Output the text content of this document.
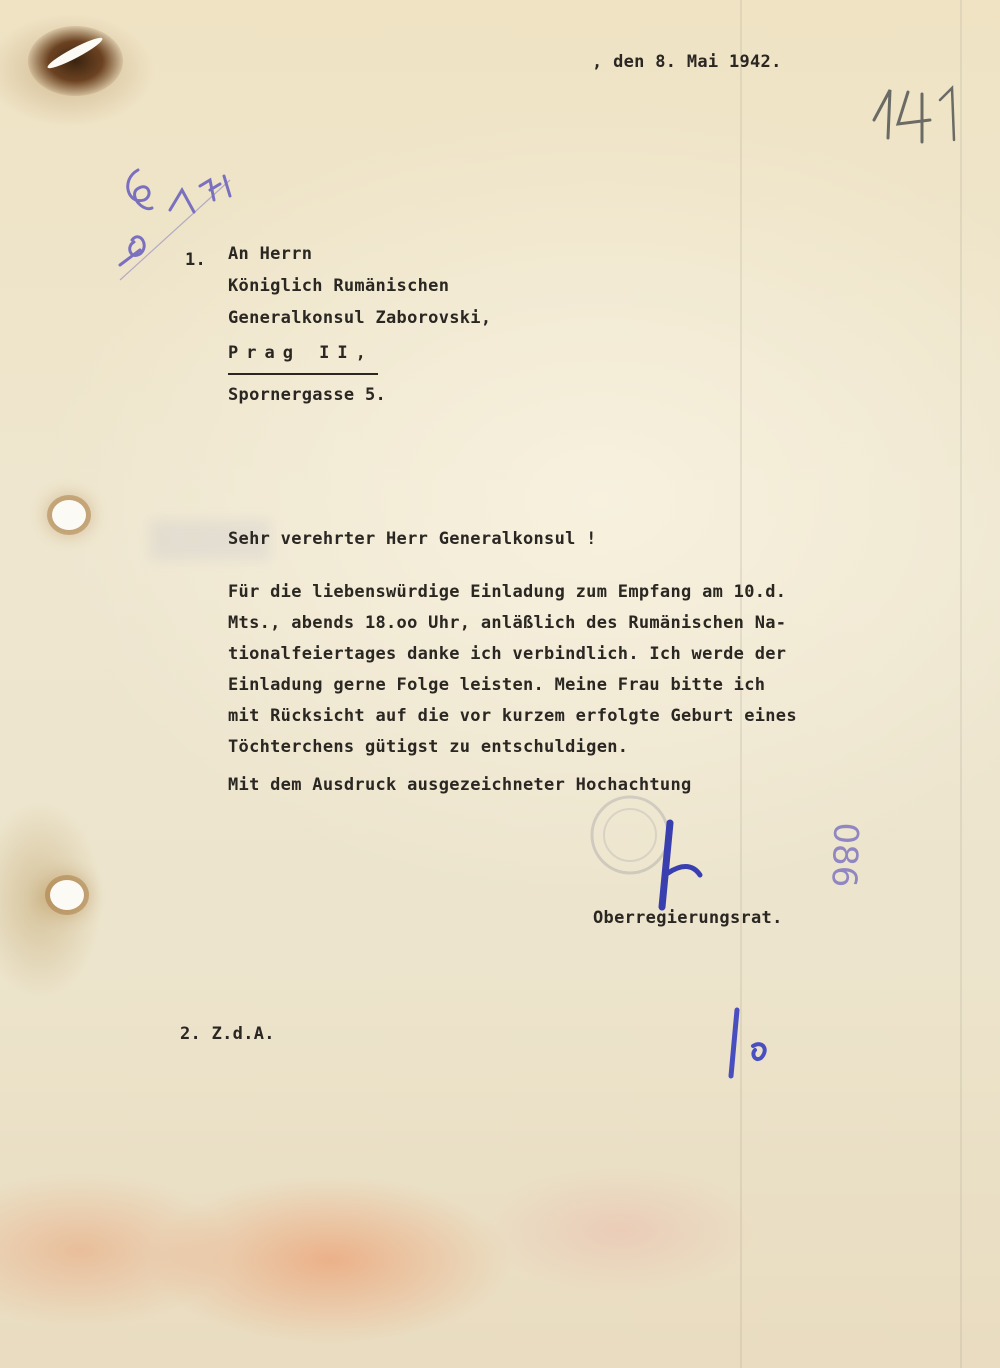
086
, den 8. Mai 1942.
1. An Herrn
Königlich Rumänischen
Generalkonsul Zaborovski,
Prag II,
Spornergasse 5.
Sehr verehrter Herr Generalkonsul !
Für die liebenswürdige Einladung zum Empfang am 10.d.
Mts., abends 18.oo Uhr, anläßlich des Rumänischen Na-
tionalfeiertages danke ich verbindlich. Ich werde der
Einladung gerne Folge leisten. Meine Frau bitte ich
mit Rücksicht auf die vor kurzem erfolgte Geburt eines
Töchterchens gütigst zu entschuldigen.
Mit dem Ausdruck ausgezeichneter Hochachtung
Oberregierungsrat.
2. Z.d.A.
